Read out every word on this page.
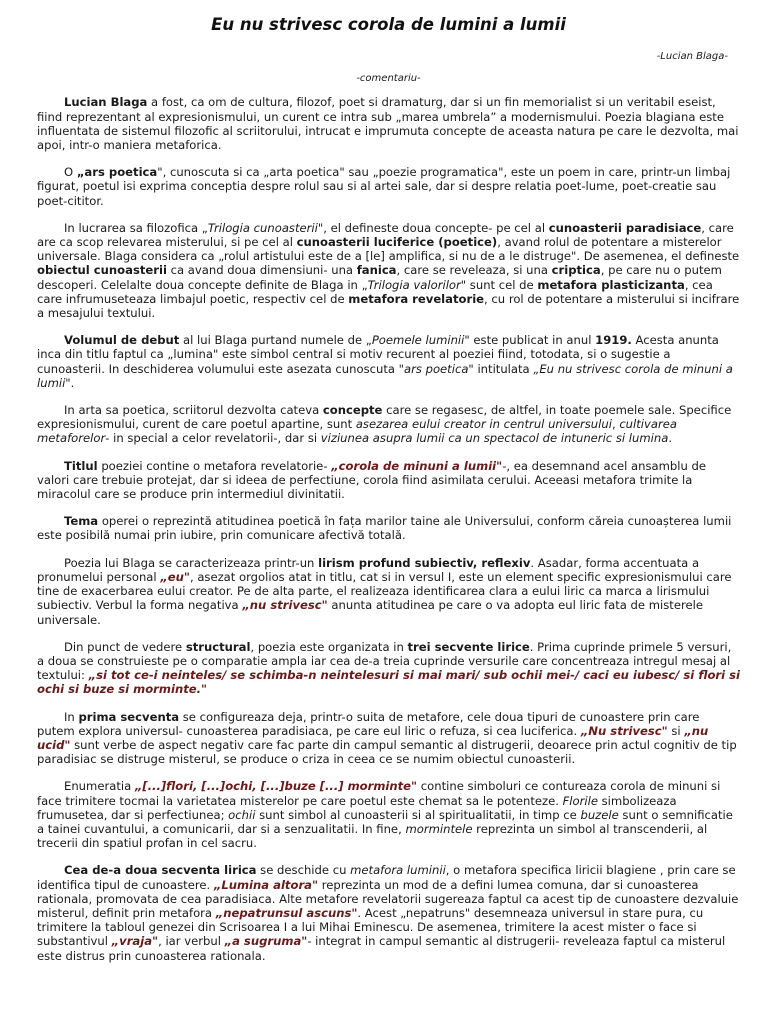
Eu nu strivesc corola de lumini a lumii
-Lucian Blaga-
-comentariu-

Lucian Blaga a fost, ca om de cultura, filozof, poet si dramaturg, dar si un fin memorialist si un veritabil eseist, fiind reprezentant al expresionismului, un curent ce intra sub „marea umbrela” a modernismului. Poezia blagiana este influentata de sistemul filozofic al scriitorului, intrucat e imprumuta concepte de aceasta natura pe care le dezvolta, mai apoi, intr-o maniera metaforica.

O „ars poetica", cunoscuta si ca „arta poetica" sau „poezie programatica", este un poem in care, printr-un limbaj figurat, poetul isi exprima conceptia despre rolul sau si al artei sale, dar si despre relatia poet-lume, poet-creatie sau poet-cititor.

In lucrarea sa filozofica „Trilogia cunoasterii", el defineste doua concepte- pe cel al cunoasterii paradisiace, care are ca scop relevarea misterului, si pe cel al cunoasterii luciferice (poetice), avand rolul de potentare a misterelor universale. Blaga considera ca „rolul artistului este de a [le] amplifica, si nu de a le distruge". De asemenea, el defineste obiectul cunoasterii ca avand doua dimensiuni- una fanica, care se reveleaza, si una criptica, pe care nu o putem descoperi. Celelalte doua concepte definite de Blaga in „Trilogia valorilor" sunt cel de metafora plasticizanta, cea care infrumuseteaza limbajul poetic, respectiv cel de metafora revelatorie, cu rol de potentare a misterului si incifrare a mesajului textului.

Volumul de debut al lui Blaga purtand numele de „Poemele luminii" este publicat in anul 1919. Acesta anunta inca din titlu faptul ca „lumina" este simbol central si motiv recurent al poeziei fiind, totodata, si o sugestie a cunoasterii. In deschiderea volumului este asezata cunoscuta "ars poetica" intitulata „Eu nu strivesc corola de minuni a lumii".

In arta sa poetica, scriitorul dezvolta cateva concepte care se regasesc, de altfel, in toate poemele sale. Specifice expresionismului, curent de care poetul apartine, sunt asezarea eului creator in centrul universului, cultivarea metaforelor- in special a celor revelatorii-, dar si viziunea asupra lumii ca un spectacol de intuneric si lumina.

Titlul poeziei contine o metafora revelatorie- „corola de minuni a lumii"-, ea desemnand acel ansamblu de valori care trebuie protejat, dar si ideea de perfectiune, corola fiind asimilata cerului. Aceeasi metafora trimite la miracolul care se produce prin intermediul divinitatii.

Tema operei o reprezintă atitudinea poetică în fața marilor taine ale Universului, conform căreia cunoașterea lumii este posibilă numai prin iubire, prin comunicare afectivă totală.

Poezia lui Blaga se caracterizeaza printr-un lirism profund subiectiv, reflexiv. Asadar, forma accentuata a pronumelui personal „eu", asezat orgolios atat in titlu, cat si in versul I, este un element specific expresionismului care tine de exacerbarea eului creator. Pe de alta parte, el realizeaza identificarea clara a eului liric ca marca a lirismului subiectiv. Verbul la forma negativa „nu strivesc" anunta atitudinea pe care o va adopta eul liric fata de misterele universale.

Din punct de vedere structural, poezia este organizata in trei secvente lirice. Prima cuprinde primele 5 versuri, a doua se construieste pe o comparatie ampla iar cea de-a treia cuprinde versurile care concentreaza intregul mesaj al textului: „si tot ce-i neinteles/ se schimba-n neintelesuri si mai mari/ sub ochii mei-/ caci eu iubesc/ si flori si ochi si buze si morminte."

In prima secventa se configureaza deja, printr-o suita de metafore, cele doua tipuri de cunoastere prin care putem explora universul- cunoasterea paradisiaca, pe care eul liric o refuza, si cea luciferica. „Nu strivesc" si „nu ucid" sunt verbe de aspect negativ care fac parte din campul semantic al distrugerii, deoarece prin actul cognitiv de tip paradisiac se distruge misterul, se produce o criza in ceea ce se numim obiectul cunoasterii.

Enumeratia „[...]flori, [...]ochi, [...]buze [...] morminte" contine simboluri ce contureaza corola de minuni si face trimitere tocmai la varietatea misterelor pe care poetul este chemat sa le potenteze. Florile simbolizeaza frumusetea, dar si perfectiunea; ochii sunt simbol al cunoasterii si al spiritualitatii, in timp ce buzele sunt o semnificatie a tainei cuvantului, a comunicarii, dar si a senzualitatii. In fine, mormintele reprezinta un simbol al transcenderii, al trecerii din spatiul profan in cel sacru.

Cea de-a doua secventa lirica se deschide cu metafora luminii, o metafora specifica liricii blagiene , prin care se identifica tipul de cunoastere. „Lumina altora" reprezinta un mod de a defini lumea comuna, dar si cunoasterea rationala, promovata de cea paradisiaca. Alte metafore revelatorii sugereaza faptul ca acest tip de cunoastere dezvaluie misterul, definit prin metafora „nepatrunsul ascuns". Acest „nepatruns" desemneaza universul in stare pura, cu trimitere la tabloul genezei din Scrisoarea I a lui Mihai Eminescu. De asemenea, trimitere la acest mister o face si substantivul „vraja", iar verbul „a sugruma"- integrat in campul semantic al distrugerii- reveleaza faptul ca misterul este distrus prin cunoasterea rationala.
